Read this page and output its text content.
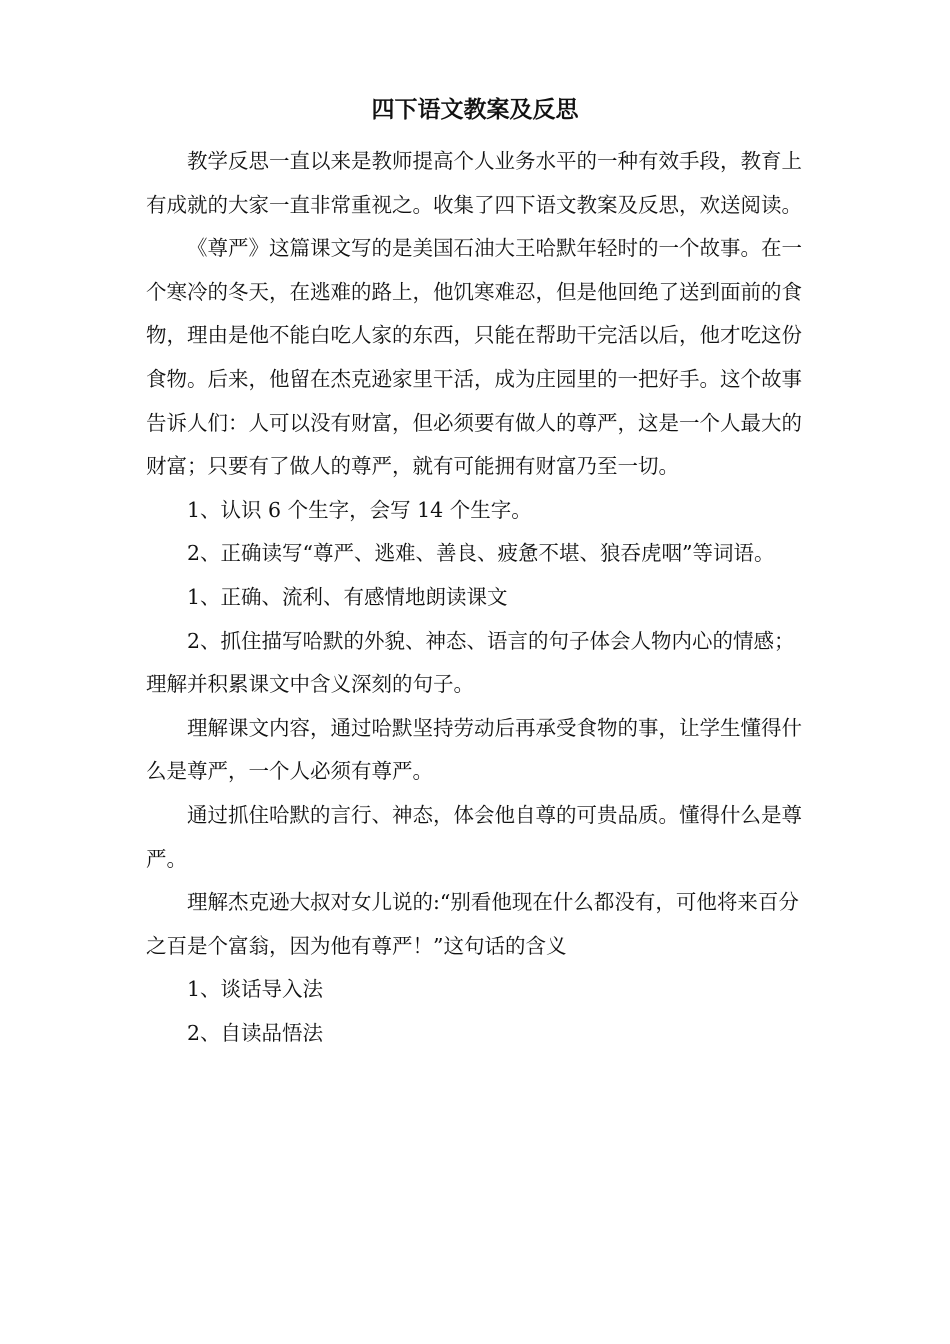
四下语文教案及反思

教学反思一直以来是教师提高个人业务水平的一种有效手段，教育上有成就的大家一直非常重视之。收集了四下语文教案及反思，欢送阅读。

《尊严》这篇课文写的是美国石油大王哈默年轻时的一个故事。在一个寒冷的冬天，在逃难的路上，他饥寒难忍，但是他回绝了送到面前的食物，理由是他不能白吃人家的东西，只能在帮助干完活以后，他才吃这份食物。后来，他留在杰克逊家里干活，成为庄园里的一把好手。这个故事告诉人们：人可以没有财富，但必须要有做人的尊严，这是一个人最大的财富；只要有了做人的尊严，就有可能拥有财富乃至一切。

1、认识 6 个生字，会写 14 个生字。

2、正确读写“尊严、逃难、善良、疲惫不堪、狼吞虎咽”等词语。

1、正确、流利、有感情地朗读课文

2、抓住描写哈默的外貌、神态、语言的句子体会人物内心的情感；理解并积累课文中含义深刻的句子。

理解课文内容，通过哈默坚持劳动后再承受食物的事，让学生懂得什么是尊严，一个人必须有尊严。

通过抓住哈默的言行、神态，体会他自尊的可贵品质。懂得什么是尊严。

理解杰克逊大叔对女儿说的:“别看他现在什么都没有，可他将来百分之百是个富翁，因为他有尊严！”这句话的含义

1、谈话导入法

2、自读品悟法
